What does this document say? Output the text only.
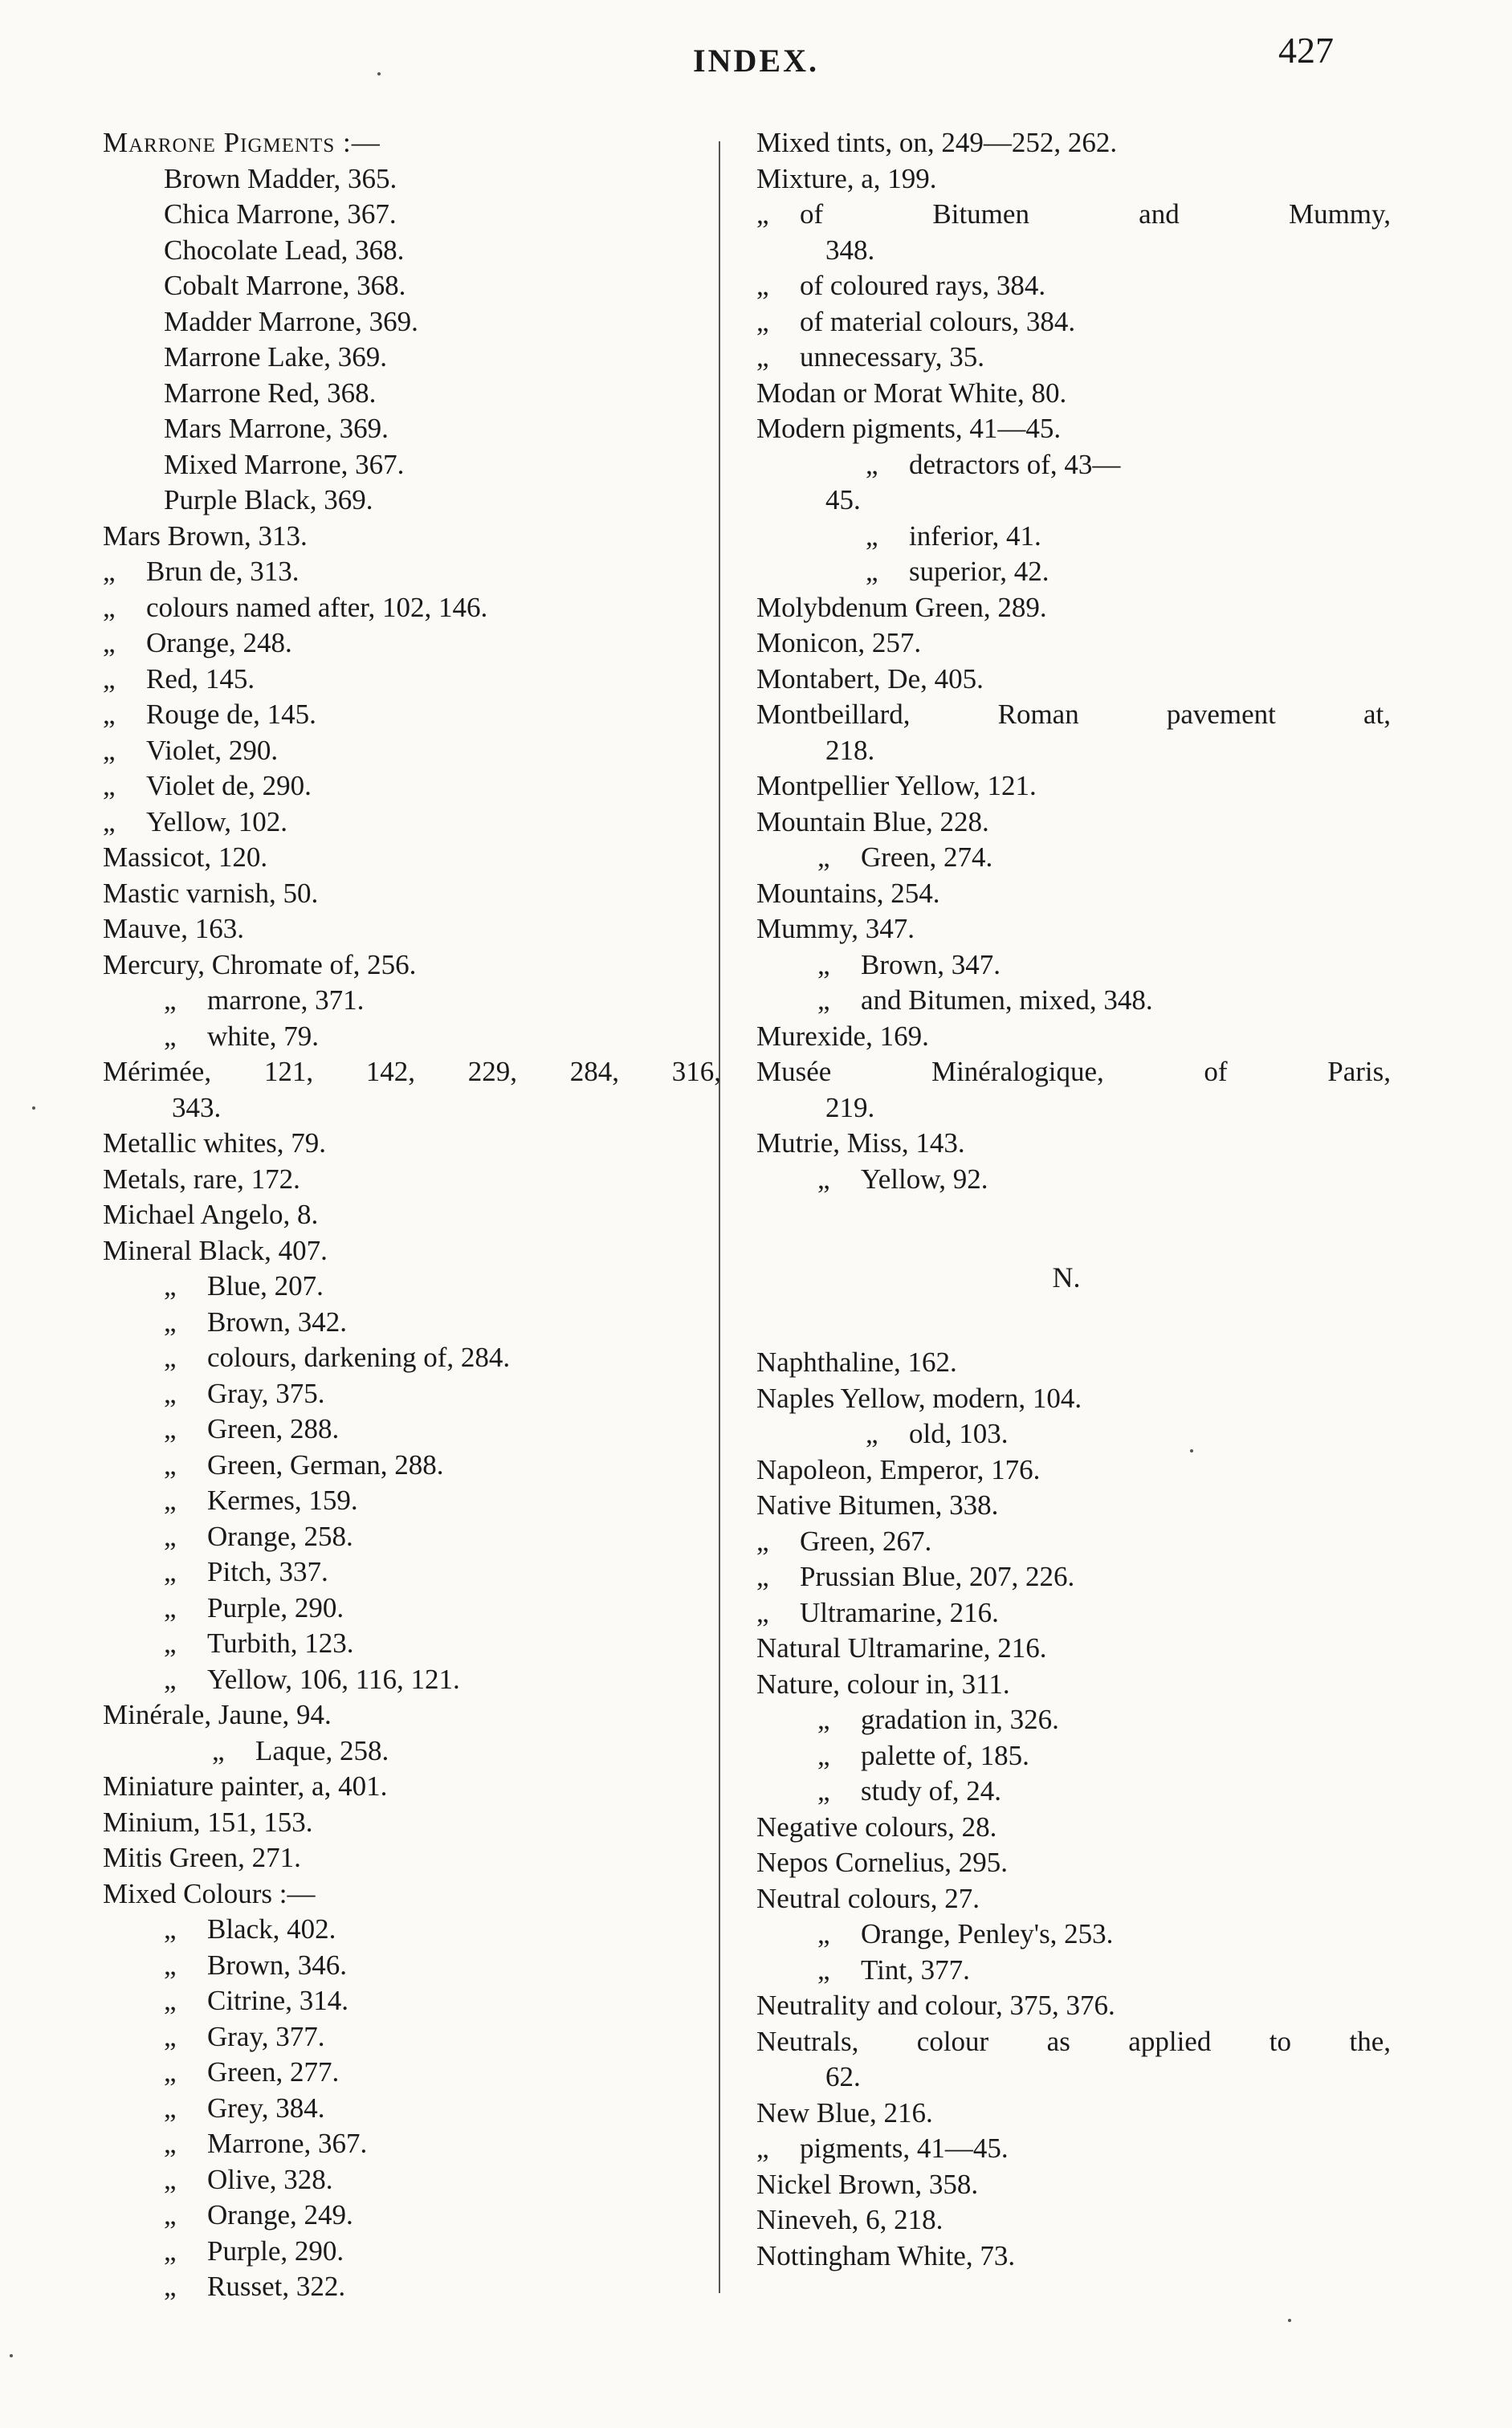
INDEX.	427
Marrone Pigments :—
Brown Madder, 365.
Chica Marrone, 367.
Chocolate Lead, 368.
Cobalt Marrone, 368.
Madder Marrone, 369.
Marrone Lake, 369.
Marrone Red, 368.
Mars Marrone, 369.
Mixed Marrone, 367.
Purple Black, 369.
Mars Brown, 313.
„ Brun de, 313.
„ colours named after, 102, 146.
„ Orange, 248.
„ Red, 145.
„ Rouge de, 145.
„ Violet, 290.
„ Violet de, 290.
„ Yellow, 102.
Massicot, 120.
Mastic varnish, 50.
Mauve, 163.
Mercury, Chromate of, 256.
„ marrone, 371.
„ white, 79.
Mérimée, 121, 142, 229, 284, 316,
343.
Metallic whites, 79.
Metals, rare, 172.
Michael Angelo, 8.
Mineral Black, 407.
„ Blue, 207.
„ Brown, 342.
„ colours, darkening of, 284.
„ Gray, 375.
„ Green, 288.
„ Green, German, 288.
„ Kermes, 159.
„ Orange, 258.
„ Pitch, 337.
„ Purple, 290.
„ Turbith, 123.
„ Yellow, 106, 116, 121.
Minérale, Jaune, 94.
„ Laque, 258.
Miniature painter, a, 401.
Minium, 151, 153.
Mitis Green, 271.
Mixed Colours :—
„ Black, 402.
„ Brown, 346.
„ Citrine, 314.
„ Gray, 377.
„ Green, 277.
„ Grey, 384.
„ Marrone, 367.
„ Olive, 328.
„ Orange, 249.
„ Purple, 290.
„ Russet, 322.
Mixed tints, on, 249—252, 262.
Mixture, a, 199.
„	of Bitumen and Mummy,
348.
„ of coloured rays, 384.
„ of material colours, 384.
„ unnecessary, 35.
Modan or Morat White, 80.
Modern pigments, 41—45.
„ detractors of, 43—
45.
„ inferior, 41.
„ superior, 42.
Molybdenum Green, 289.
Monicon, 257.
Montabert, De, 405.
Montbeillard, Roman pavement at,
218.
Montpellier Yellow, 121.
Mountain Blue, 228.
„ Green, 274.
Mountains, 254.
Mummy, 347.
„ Brown, 347.
„ and Bitumen, mixed, 348.
Murexide, 169.
Musée Minéralogique, of Paris,
219.
Mutrie, Miss, 143.
„ Yellow, 92.
N.
Naphthaline, 162.
Naples Yellow, modern, 104.
„ old, 103.
Napoleon, Emperor, 176.
Native Bitumen, 338.
„ Green, 267.
„ Prussian Blue, 207, 226.
„ Ultramarine, 216.
Natural Ultramarine, 216.
Nature, colour in, 311.
„ gradation in, 326.
„ palette of, 185.
„ study of, 24.
Negative colours, 28.
Nepos Cornelius, 295.
Neutral colours, 27.
„ Orange, Penley's, 253.
„ Tint, 377.
Neutrality and colour, 375, 376.
Neutrals, colour as applied to the,
62.
New Blue, 216.
„ pigments, 41—45.
Nickel Brown, 358.
Nineveh, 6, 218.
Nottingham White, 73.
